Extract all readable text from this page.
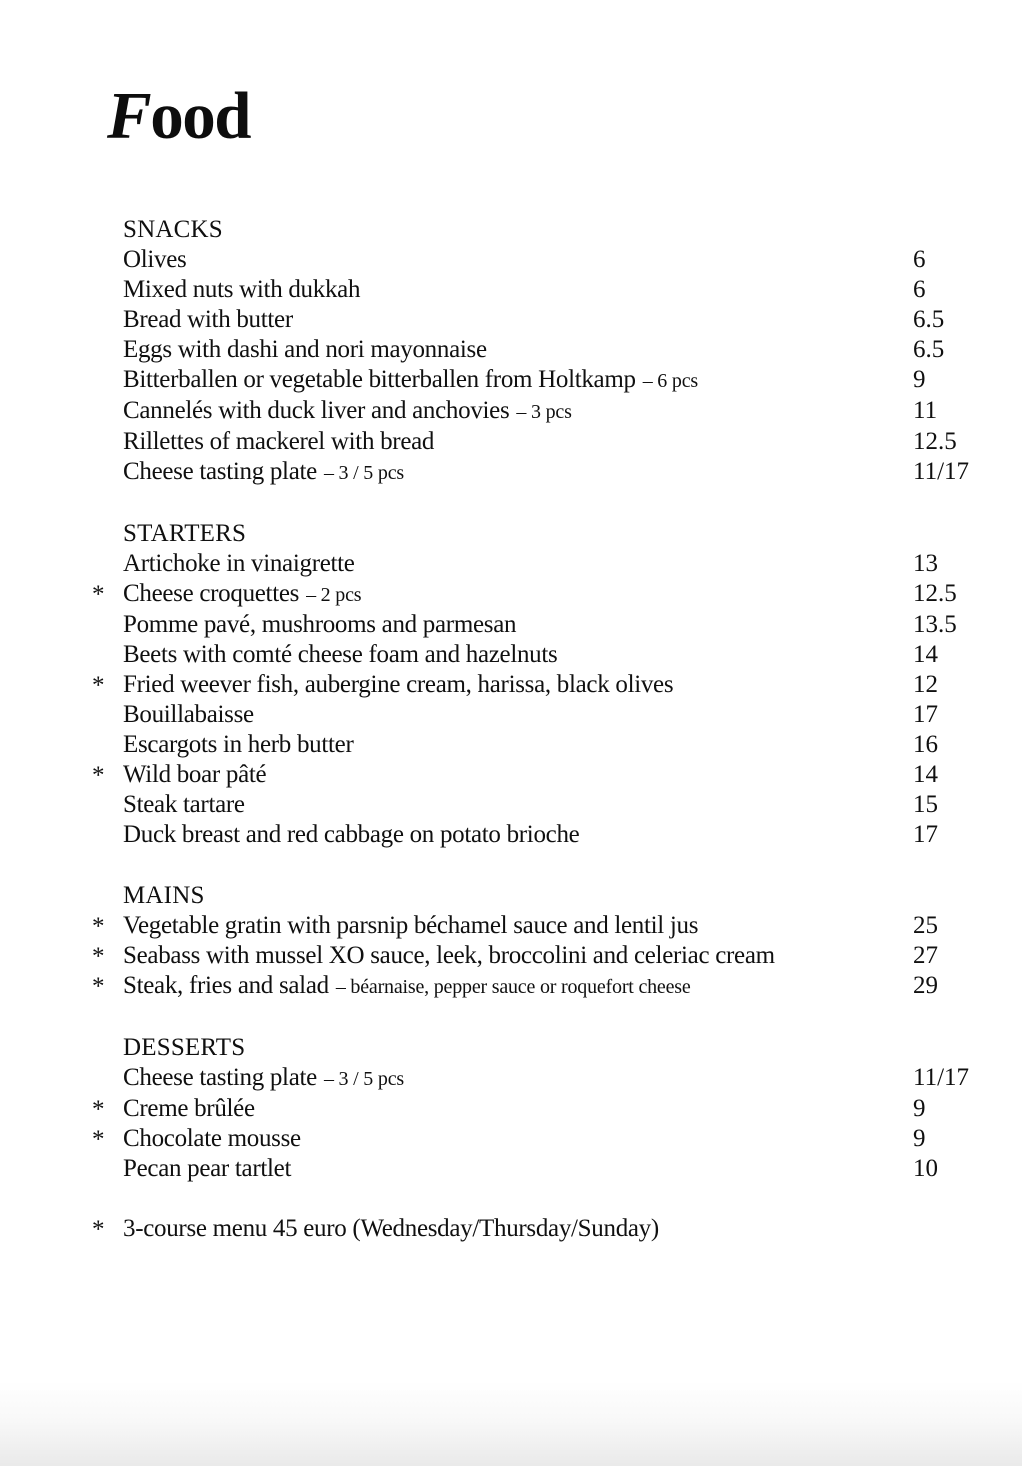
Food
SNACKS
Olives	6
Mixed nuts with dukkah	6
Bread with butter	6.5
Eggs with dashi and nori mayonnaise	6.5
Bitterballen or vegetable bitterballen from Holtkamp – 6 pcs	9
Cannelés with duck liver and anchovies – 3 pcs	11
Rillettes of mackerel with bread	12.5
Cheese tasting plate – 3 / 5 pcs	11/17
STARTERS
Artichoke in vinaigrette	13
* Cheese croquettes – 2 pcs	12.5
Pomme pavé, mushrooms and parmesan	13.5
Beets with comté cheese foam and hazelnuts	14
* Fried weever fish, aubergine cream, harissa, black olives	12
Bouillabaisse	17
Escargots in herb butter	16
* Wild boar pâté	14
Steak tartare	15
Duck breast and red cabbage on potato brioche	17
MAINS
* Vegetable gratin with parsnip béchamel sauce and lentil jus	25
* Seabass with mussel XO sauce, leek, broccolini and celeriac cream	27
* Steak, fries and salad – béarnaise, pepper sauce or roquefort cheese	29
DESSERTS
Cheese tasting plate – 3 / 5 pcs	11/17
* Creme brûlée	9
* Chocolate mousse	9
Pecan pear tartlet	10
* 3-course menu 45 euro (Wednesday/Thursday/Sunday)
